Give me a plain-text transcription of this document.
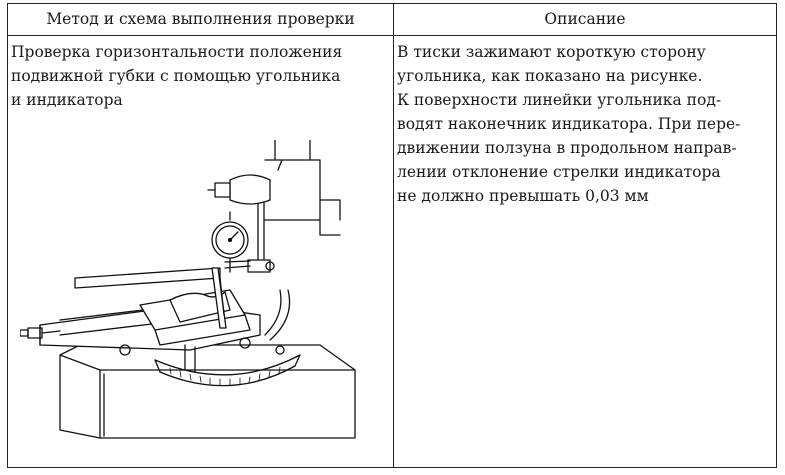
Метод и схема выполнения проверки	Описание
Проверка горизонтальности положения
подвижной губки с помощью угольника
и индикатора
В тиски зажимают короткую сторону
угольника, как показано на рисунке.
К поверхности линейки угольника под-
водят наконечник индикатора. При пере-
движении ползуна в продольном направ-
лении отклонение стрелки индикатора
не должно превышать 0,03 мм
